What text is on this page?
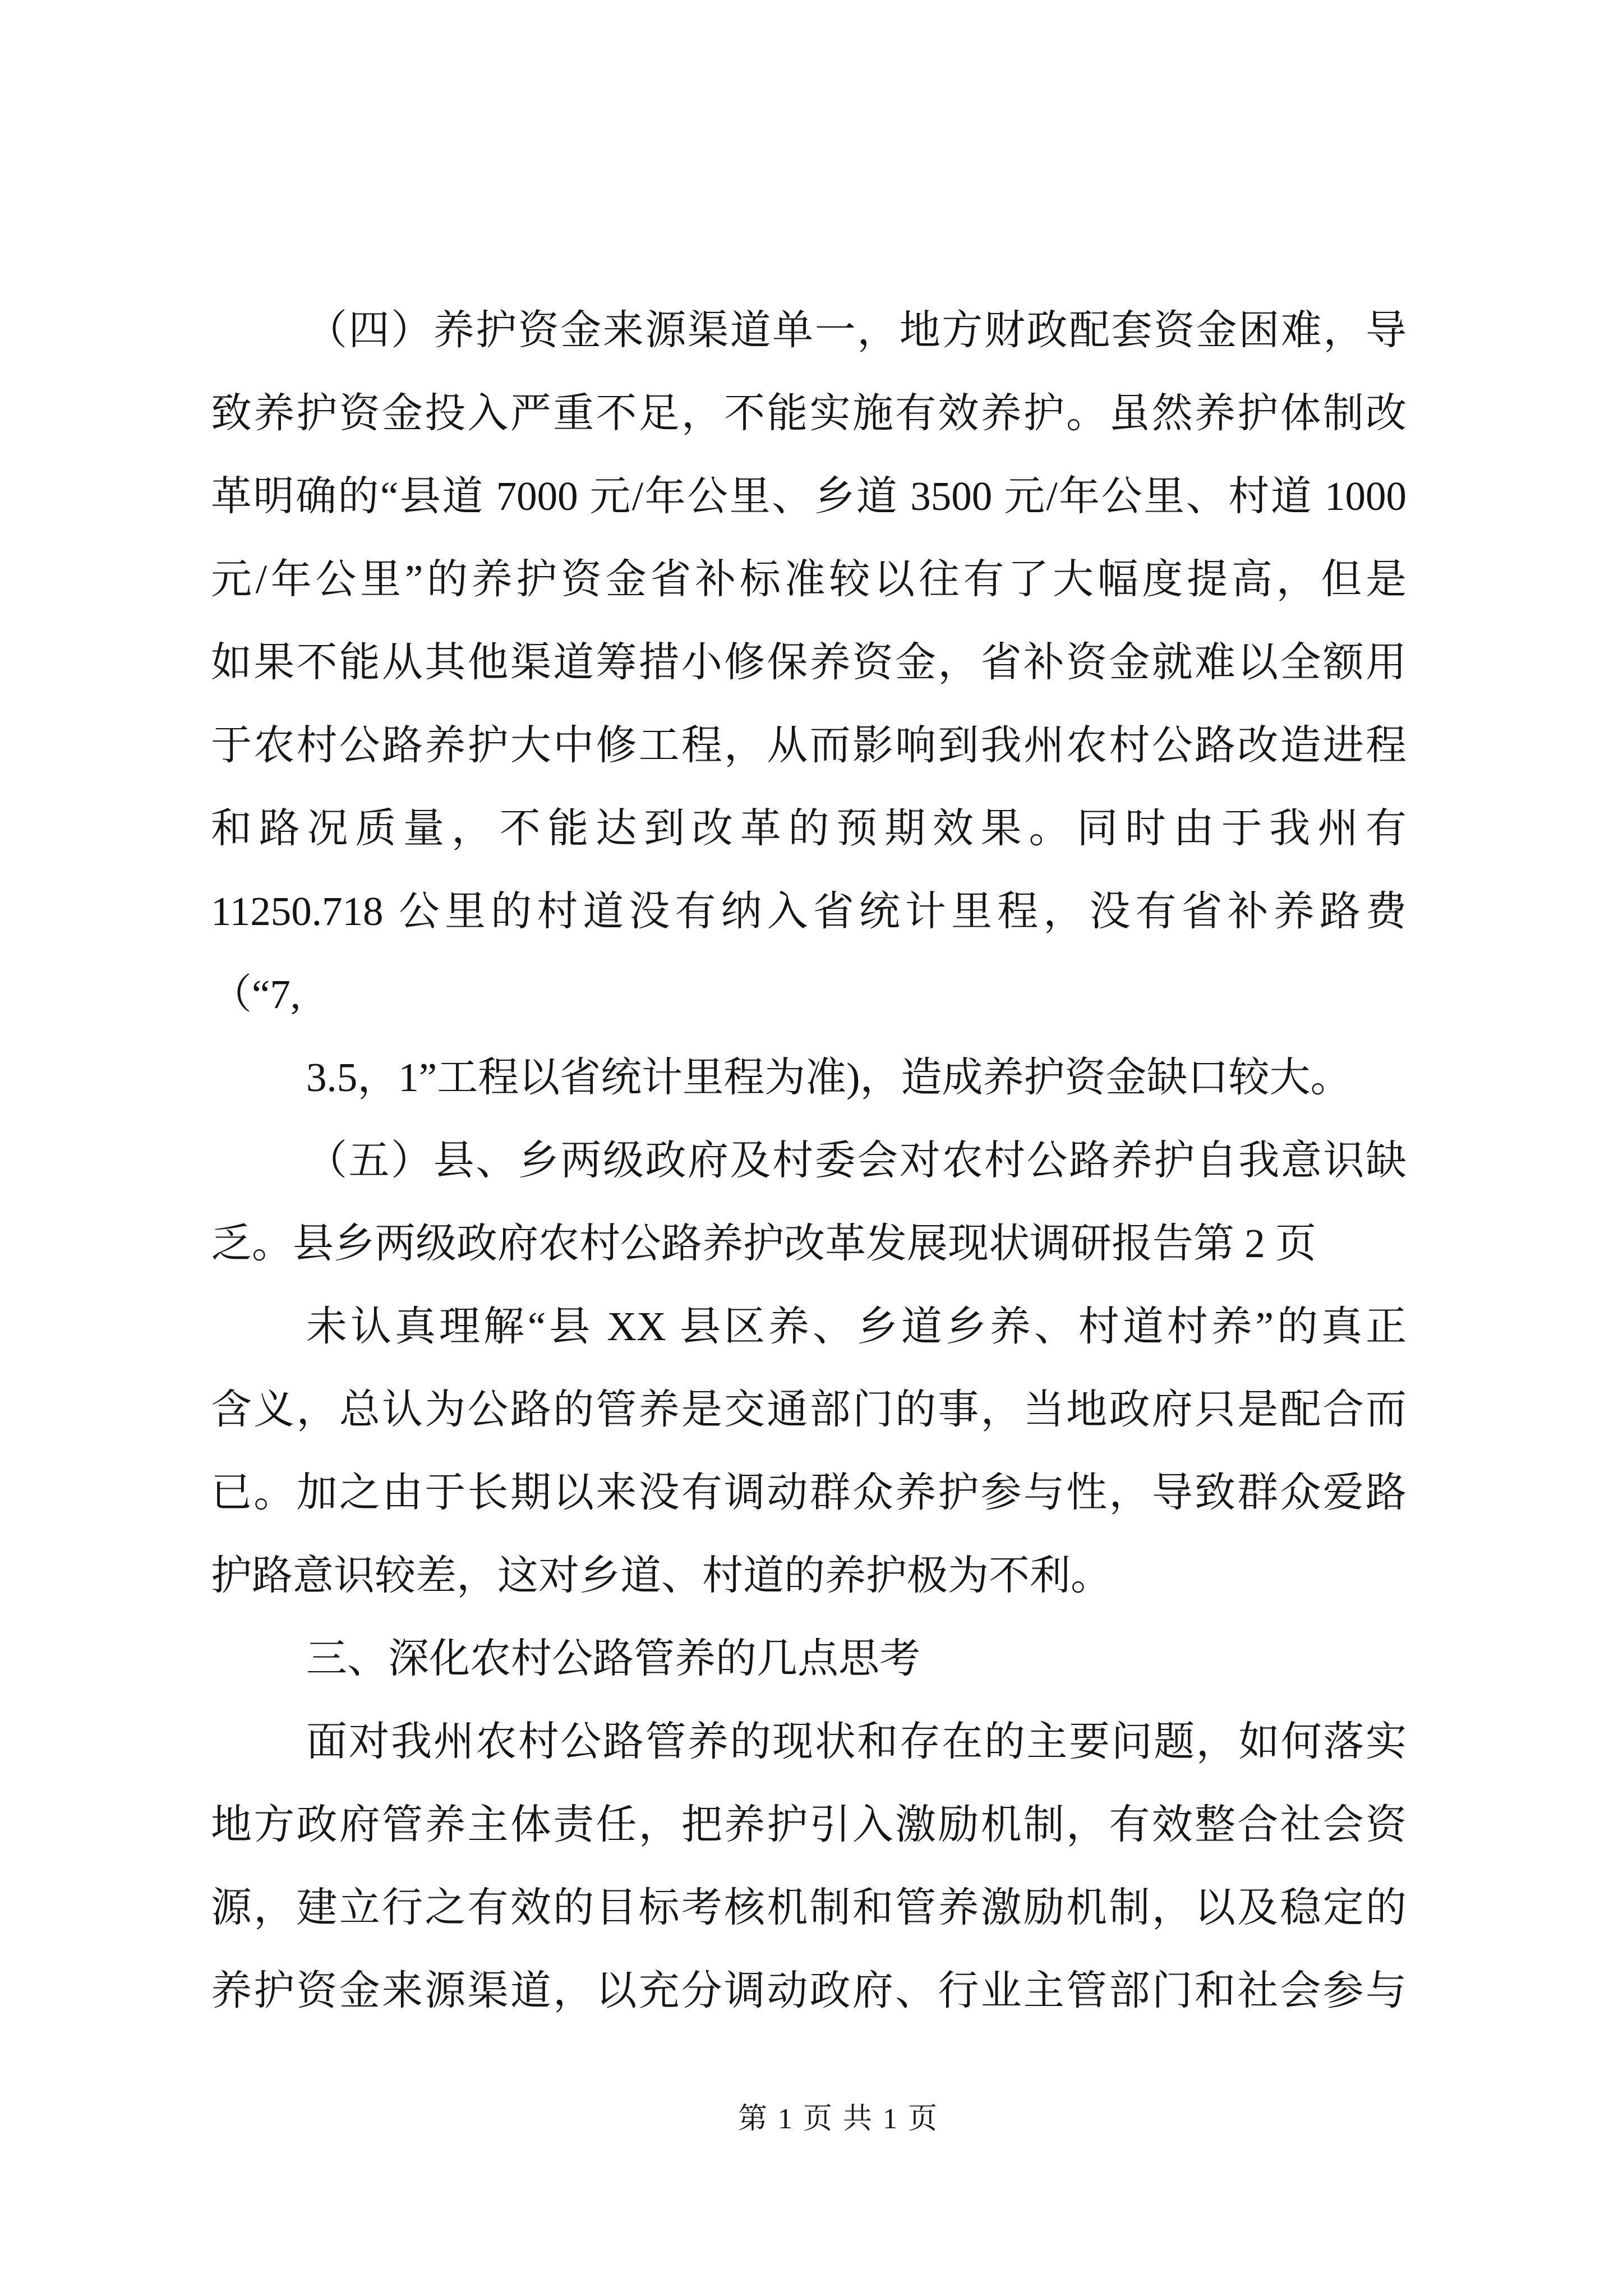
（四）养护资金来源渠道单一，地方财政配套资金困难，导
致养护资金投入严重不足，不能实施有效养护。虽然养护体制改
革明确的“县道 7000 元/年公里、乡道 3500 元/年公里、村道 1000
元/年公里”的养护资金省补标准较以往有了大幅度提高，但是
如果不能从其他渠道筹措小修保养资金，省补资金就难以全额用
于农村公路养护大中修工程，从而影响到我州农村公路改造进程
和路况质量，不能达到改革的预期效果。同时由于我州有
11250.718 公里的村道没有纳入省统计里程，没有省补养路费
（“7,
3.5，1”工程以省统计里程为准)，造成养护资金缺口较大。
（五）县、乡两级政府及村委会对农村公路养护自我意识缺
乏。县乡两级政府农村公路养护改革发展现状调研报告第 2 页
未认真理解“县 XX 县区养、乡道乡养、村道村养”的真正
含义，总认为公路的管养是交通部门的事，当地政府只是配合而
已。加之由于长期以来没有调动群众养护参与性，导致群众爱路
护路意识较差，这对乡道、村道的养护极为不利。
三、深化农村公路管养的几点思考
面对我州农村公路管养的现状和存在的主要问题，如何落实
地方政府管养主体责任，把养护引入激励机制，有效整合社会资
源，建立行之有效的目标考核机制和管养激励机制，以及稳定的
养护资金来源渠道，以充分调动政府、行业主管部门和社会参与
第 1 页 共 1 页
